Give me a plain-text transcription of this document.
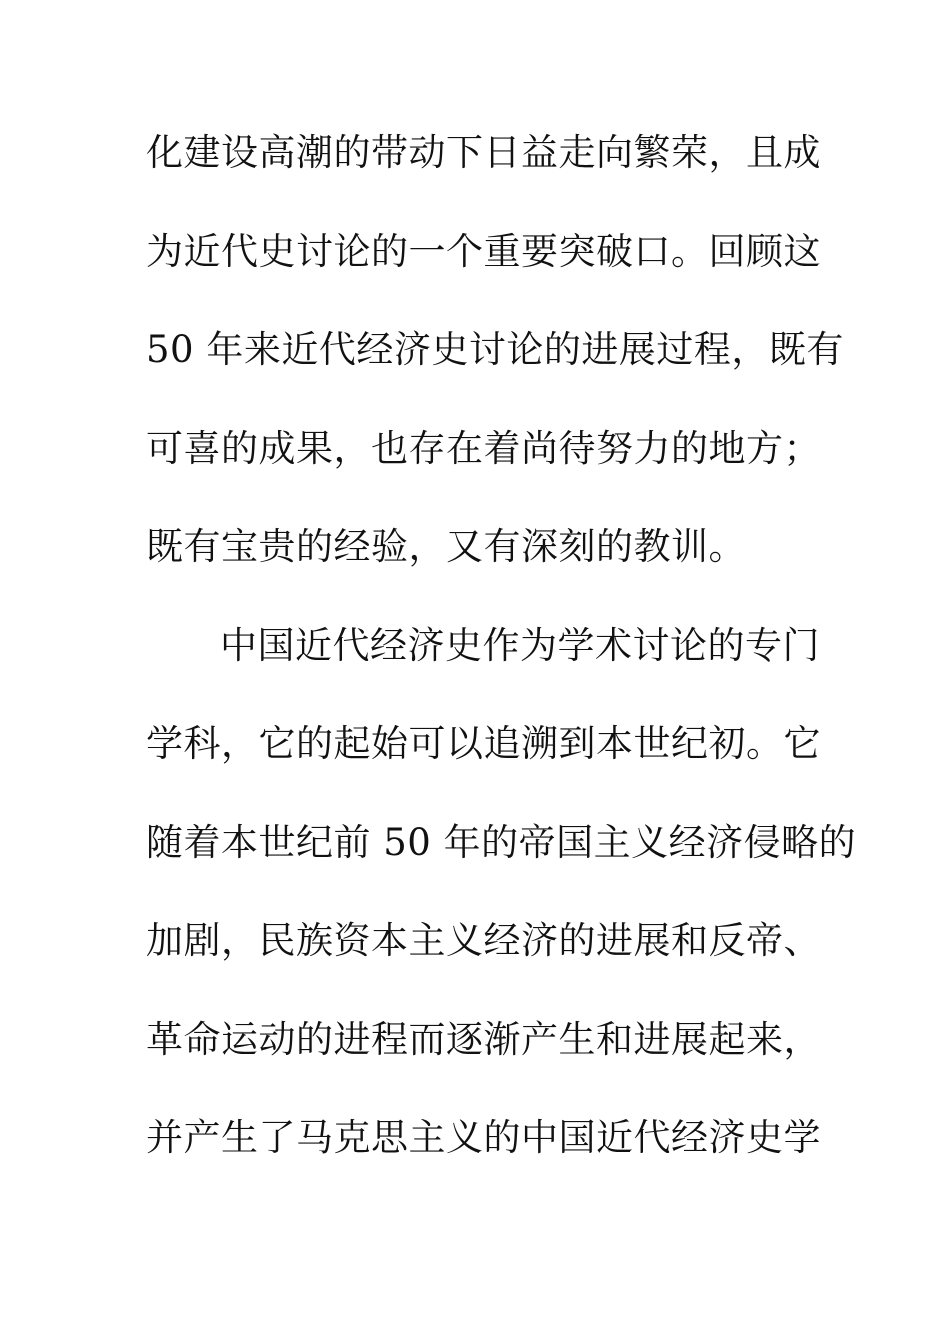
化建设高潮的带动下日益走向繁荣，且成
为近代史讨论的一个重要突破口。回顾这
50 年来近代经济史讨论的进展过程，既有
可喜的成果，也存在着尚待努力的地方；
既有宝贵的经验，又有深刻的教训。
中国近代经济史作为学术讨论的专门
学科，它的起始可以追溯到本世纪初。它
随着本世纪前 50 年的帝国主义经济侵略的
加剧，民族资本主义经济的进展和反帝、
革命运动的进程而逐渐产生和进展起来，
并产生了马克思主义的中国近代经济史学
